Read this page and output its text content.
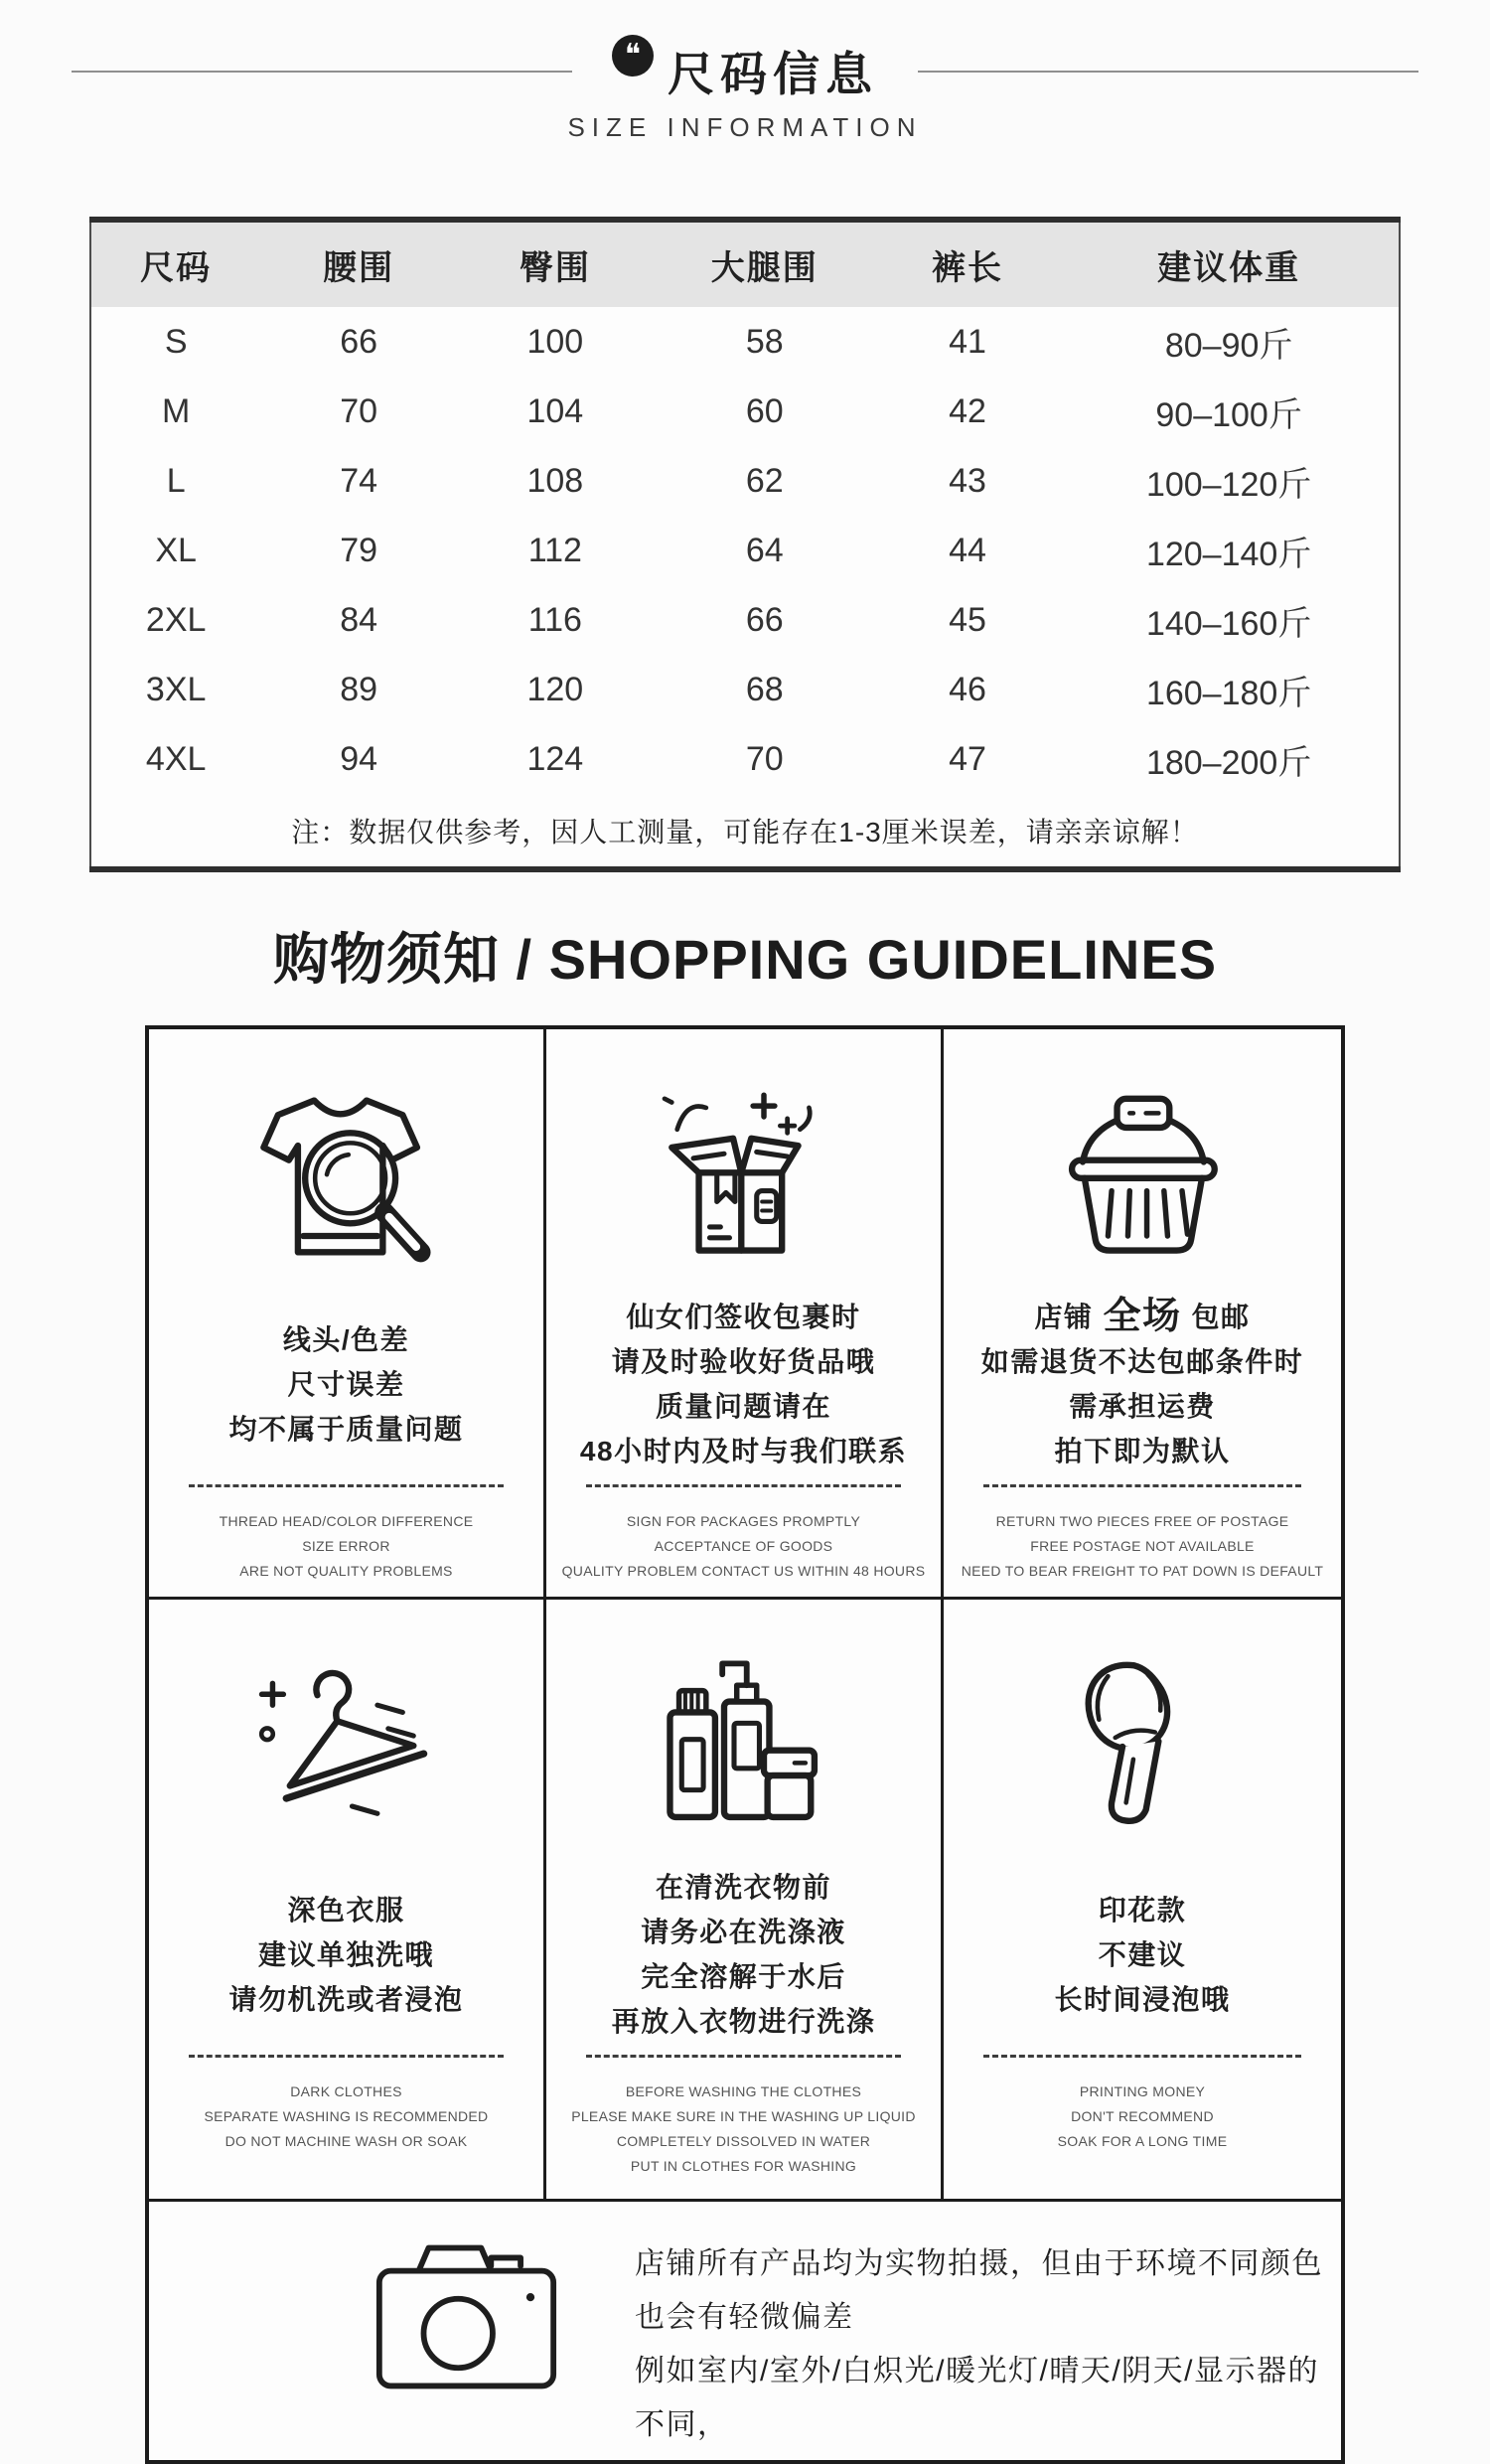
❝ 尺码信息
SIZE INFORMATION
尺码	腰围	臀围	大腿围	裤长	建议体重
S	66	100	58	41	80–90斤
M	70	104	60	42	90–100斤
L	74	108	62	43	100–120斤
XL	79	112	64	44	120–140斤
2XL	84	116	66	45	140–160斤
3XL	89	120	68	46	160–180斤
4XL	94	124	70	47	180–200斤
注：数据仅供参考，因人工测量，可能存在1-3厘米误差，请亲亲谅解！					
购物须知 / SHOPPING GUIDELINES
线头/色差
尺寸误差
均不属于质量问题
THREAD HEAD/COLOR DIFFERENCE
SIZE ERROR
ARE NOT QUALITY PROBLEMS
仙女们签收包裹时
请及时验收好货品哦
质量问题请在
48小时内及时与我们联系
SIGN FOR PACKAGES PROMPTLY
ACCEPTANCE OF GOODS
QUALITY PROBLEM CONTACT US WITHIN 48 HOURS
店铺 全场 包邮
如需退货不达包邮条件时
需承担运费
拍下即为默认
RETURN TWO PIECES FREE OF POSTAGE
FREE POSTAGE NOT AVAILABLE
NEED TO BEAR FREIGHT TO PAT DOWN IS DEFAULT
深色衣服
建议单独洗哦
请勿机洗或者浸泡
DARK CLOTHES
SEPARATE WASHING IS RECOMMENDED
DO NOT MACHINE WASH OR SOAK
在清洗衣物前
请务必在洗涤液
完全溶解于水后
再放入衣物进行洗涤
BEFORE WASHING THE CLOTHES
PLEASE MAKE SURE IN THE WASHING UP LIQUID
COMPLETELY DISSOLVED IN WATER
PUT IN CLOTHES FOR WASHING
印花款
不建议
长时间浸泡哦
PRINTING MONEY
DON'T RECOMMEND
SOAK FOR A LONG TIME
店铺所有产品均为实物拍摄，但由于环境不同颜色也会有轻微偏差
例如室内/室外/白炽光/暖光灯/晴天/阴天/显示器的不同，
